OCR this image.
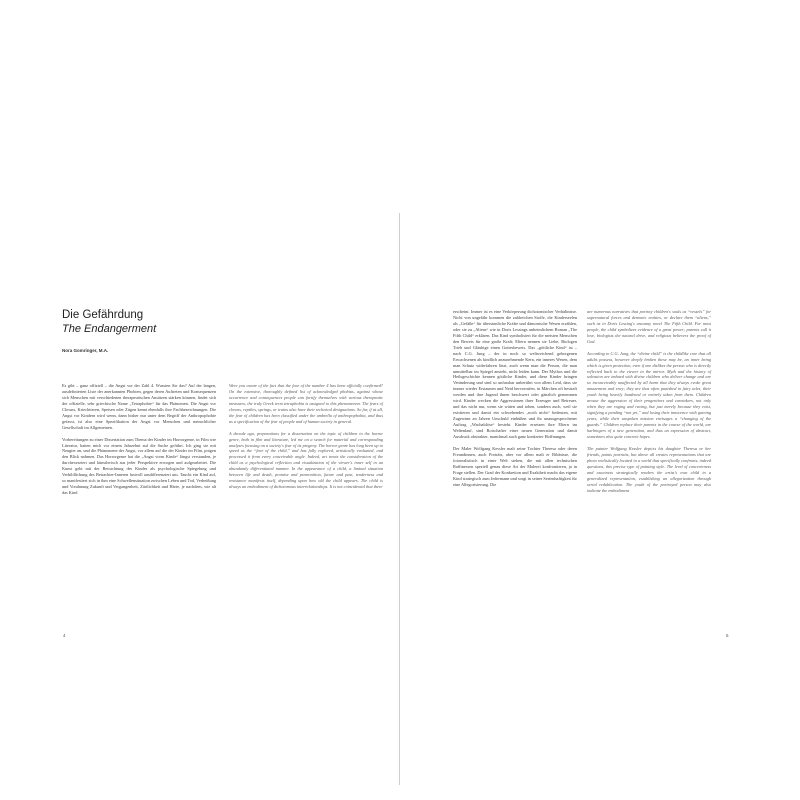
Die Gefährdung
The Endangerment
Nora Gomringer, M.A.

Es gibt – ganz offiziell – die Angst vor der Zahl 4. Wussten Sie das? Auf der langen, ausdefinierten Liste der anerkannten Phobien, gegen deren Auftreten und Konsequenzen sich Menschen mit verschiedenen therapeutischen Ansätzen stärken können, findet sich der offizielle, sehr griechische Name „Tetraphobie“ für das Phänomen. Die Angst vor Clowns, Kriechtieren, Speisen oder Zügen kennt ebenfalls ihre Fachbezeichnungen. Die Angst vor Kindern wird wenn, dann bisher nur unter dem Begriff der Anthropophobie gefasst, ist also eine Spezifikation der Angst vor Menschen und menschlicher Gesellschaft im Allgemeinen.

Vorbereitungen zu einer Dissertation zum Thema der Kinder im Horrorgenre, in Film wie Literatur, hatten mich vor einem Jahrzehnt auf die Suche geführt. Ich ging sie mit Neugier an, und die Phänomene der Angst, vor allem auf die der Kinder im Film, prägen den Blick nahmen. Das Horrorgenre hat die „Angst vorm Kinde“ längst verstanden, je durchexerziert und künstlerisch aus jeder Perspektive erwogen und aufgearbeitet. Die Kunst geht mit der Betrachtung des Kindes als psychologische Spiegelung und Verbildlichung des Betrachter-Inneren lustvoll ausdifferenziert um. Taucht ein Kind auf, so manifestiert sich in ihm eine Schwellensituation zwischen Leben und Tod, Verheißung und Vorahnung Zukunft und Vergangenheit, Zärtlichkeit und Härte, je nachdem, wie alt das Kind

Were you aware of the fact that the fear of the number 4 has been officially confirmed? On the extensive, thoroughly defined list of acknowledged phobias, against whose occurrence and consequences people can fortify themselves with various therapeutic measures, the truly Greek term tetraphobia is assigned to this phenomenon. The fears of clowns, reptiles, springs, or trains also have their technical designations. So far, if at all, the fear of children has been classified under the umbrella of anthropophobia, and thus as a specification of the fear of people and of human society in general.

A decade ago, preparations for a dissertation on the topic of children in the horror genre, both in film and literature, led me on a search for material and corresponding analyses focusing on a society's fear of its progeny. The horror genre has long been up to speed as the “fear of the child,” and has fully explored, artistically evaluated, and processed it from every conceivable angle. Indeed, art treats the consideration of the child as a psychological reflection and visualization of the viewer's inner self in an abundantly differentiated manner. In the appearance of a child, a liminal situation between life and death, promise and premonition, future and past, tenderness and resistance manifests itself, depending upon how old the child appears. The child is always an embodiment of dichotomous interrelationships. It is not coincidental that there

erscheint. Immer ist es eine Verkörperung dichotomischer Verhältnisse. Nicht von ungefähr kommen die zahlreichen Stoffe, die Kinderseelen als „Gefäße“ für übersinnliche Kräfte und dämonische Wesen erzählen, oder sie zu „Aliens“ wie in Doris Lessings unheimlichem Roman „The Fifth Child“ erklären. Das Kind symbolisiert für die meisten Menschen den Beweis für eine große Kraft; Eltern nennen sie Liebe, Biologen Trieb und Gläubige einen Gottesbeweis. Das „göttliche Kind“ ist – nach C.G. Jung – der in noch so weltweichend geborgenen Erwachsenen als kindlich anzunehmende Kern, ein inneres Wesen, dem man Schutz widerfahren lässt, auch wenn man die Person, die man unmittelbar im Spiegel ansieht, nicht leiden kann. Der Mythos und die Heilsgeschichte kennen göttliche Kinder, und diese Kinder bringen Veränderung und sind so unfassbar unberührt von allem Leid, dass sie immer wieder Erstaunen und Neid hervorrufen, in Märchen oft bestraft werden und ihre Jugend ihnen beschwert oder gänzlich genommen wird. Kinder wecken die Aggressionen ihrer Erzeuger und Betreuer, und das nicht nur, wenn sie wüten und toben, sondern auch, weil sie existieren und damit ein schwebendes „noch nicht“ bedeuten, mit Zugewinn an Jahren Unschuld einbüßen und ihr unausgesprochener Auftrag „Wachablöse“ besteht. Kinder ersetzen ihre Eltern im Weltenlauf, sind Botschafter einer neuen Generation und damit Ausdruck abstrakter, manchmal auch ganz konkreter Hoffnungen.

Der Maler Wolfgang Kessler malt seine Tochter Theresa oder deren Freundinnen, auch Porträts, aber vor allem malt er Bildnisse, die fotorealistisch in einer Welt stehen, die mit allen technischen Raffinessen speziell genau diese Art der Malerei konfrontieren, ja in Frage stellen. Der Grad der Konkretion und Exaktheit macht das eigene Kind strategisch zum Jedermann und sorgt in seiner Serienhaftigkeit für eine Allegorisierung. Die

are numerous narratives that portray children's souls as “vessels” for supernatural forces and demonic entities, or declare them “aliens,” such as in Doris Lessing's uncanny novel The Fifth Child. For most people, the child symbolizes evidence of a great power; parents call it love, biologists the natural drive, and religious believers the proof of God.

According to C.G. Jung, the “divine child” is the childlike core that all adults possess, however deeply broken these may be, an inner being which is given protection, even if one dislikes the person who is directly reflected back to the viewer in the mirror. Myth and the history of salvation are imbued with divine children who deliver change and are so inconceivably unaffected by all harm that they always evoke great amazement and envy; they are thus often punished in fairy tales, their youth being heavily burdened or entirely taken from them. Children arouse the aggression of their progenitors and caretakers, not only when they are raging and raving, but just merely because they exist, signifying a pending “not yet,” and losing their innocence with gaining years, while their unspoken mission envisages a “changing of the guards.” Children replace their parents in the course of the world, are harbingers of a new generation, and thus an expression of abstract, sometimes also quite concrete hopes.

The painter Wolfgang Kessler depicts his daughter Theresa or her friends, paints portraits, but above all creates representations that are photo realistically located in a world that specifically confronts, indeed questions, this precise type of painting style. The level of concreteness and exactness strategically renders the artist's own child in a generalized representation, establishing an allegorization through serial redublication. The youth of the portrayed person may also indicate the embodiment

4	5
